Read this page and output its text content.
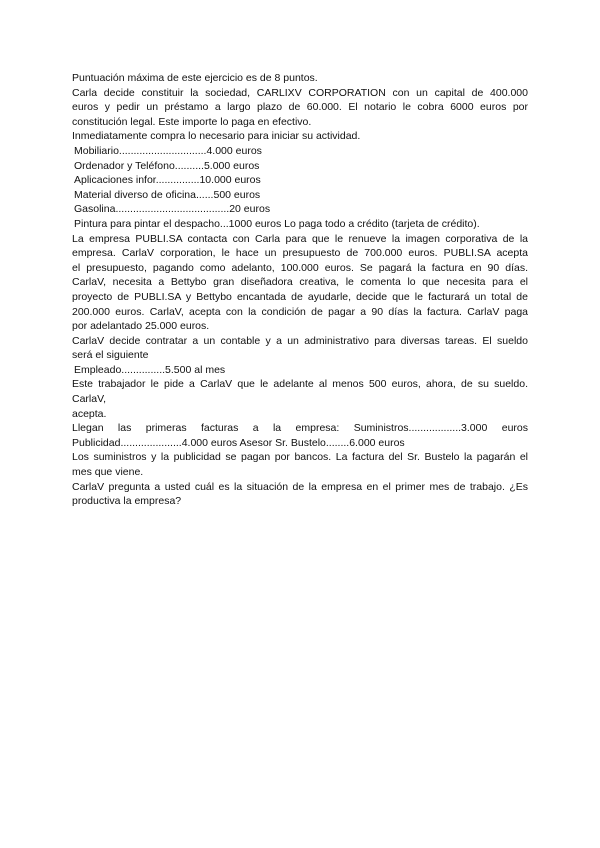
Puntuación máxima de este ejercicio es de 8 puntos.
Carla decide constituir la sociedad, CARLIXV CORPORATION con un capital de 400.000
euros y pedir un préstamo a largo plazo de 60.000. El notario le cobra 6000 euros por
constitución legal. Este importe lo paga en efectivo.
Inmediatamente compra lo necesario para iniciar su actividad.
Mobiliario..............................4.000 euros
Ordenador y Teléfono..........5.000 euros
Aplicaciones infor...............10.000 euros
Material diverso de oficina......500 euros
Gasolina.......................................20 euros
Pintura para pintar el despacho...1000 euros Lo paga todo a crédito (tarjeta de crédito).
La empresa PUBLI.SA contacta con Carla para que le renueve la imagen corporativa de la
empresa. CarlaV corporation, le hace un presupuesto de 700.000 euros. PUBLI.SA acepta
el presupuesto, pagando como adelanto, 100.000 euros. Se pagará la factura en 90 días.
CarlaV, necesita a Bettybo gran diseñadora creativa, le comenta lo que necesita para el
proyecto de PUBLI.SA y Bettybo encantada de ayudarle, decide que le facturará un total de
200.000 euros. CarlaV, acepta con la condición de pagar a 90 días la factura. CarlaV paga
por adelantado 25.000 euros.
CarlaV decide contratar a un contable y a un administrativo para diversas tareas. El sueldo
será el siguiente
Empleado...............5.500 al mes
Este trabajador le pide a CarlaV que le adelante al menos 500 euros, ahora, de su sueldo.
CarlaV,
acepta.
Llegan las primeras facturas a la empresa: Suministros..................3.000 euros
Publicidad.....................4.000 euros Asesor Sr. Bustelo........6.000 euros
Los suministros y la publicidad se pagan por bancos. La factura del Sr. Bustelo la pagarán el
mes que viene.
CarlaV pregunta a usted cuál es la situación de la empresa en el primer mes de trabajo. ¿Es
productiva la empresa?
